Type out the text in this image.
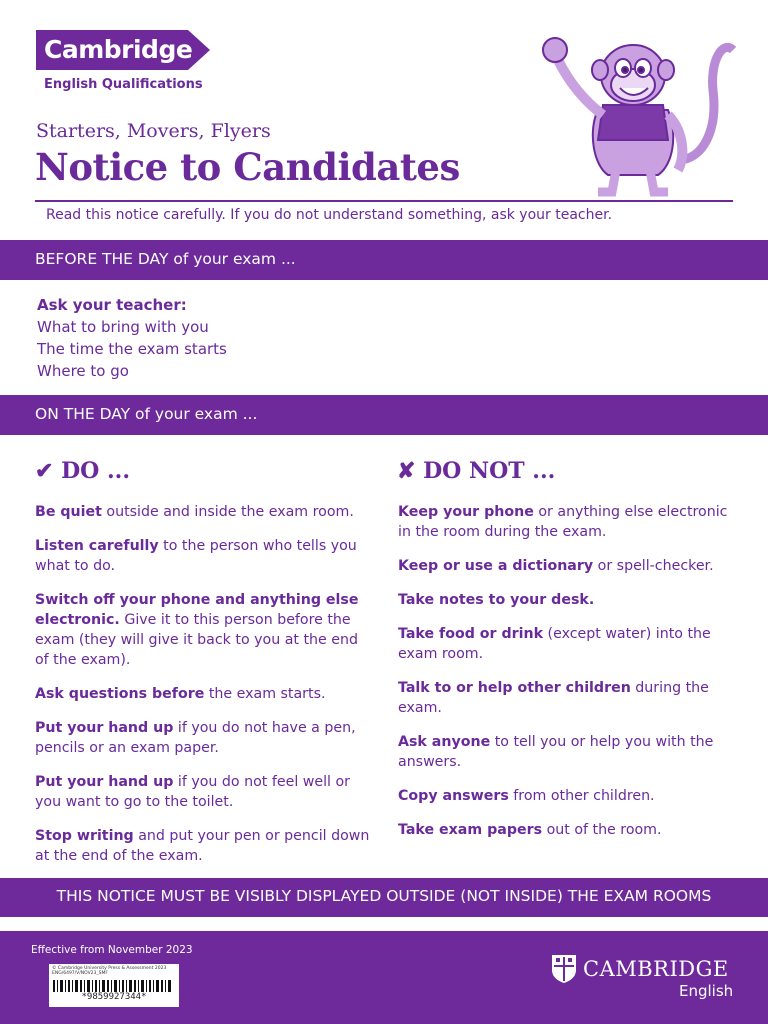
Cambridge
English Qualifications
Starters, Movers, Flyers
Notice to Candidates
Read this notice carefully. If you do not understand something, ask your teacher.
BEFORE THE DAY of your exam ...
Ask your teacher:
What to bring with you
The time the exam starts
Where to go
ON THE DAY of your exam ...
✔ DO ...
Be quiet outside and inside the exam room.
Listen carefully to the person who tells you what to do.
Switch off your phone and anything else electronic. Give it to this person before the exam (they will give it back to you at the end of the exam).
Ask questions before the exam starts.
Put your hand up if you do not have a pen, pencils or an exam paper.
Put your hand up if you do not feel well or you want to go to the toilet.
Stop writing and put your pen or pencil down at the end of the exam.
✘ DO NOT ...
Keep your phone or anything else electronic in the room during the exam.
Keep or use a dictionary or spell-checker.
Take notes to your desk.
Take food or drink (except water) into the exam room.
Talk to or help other children during the exam.
Ask anyone to tell you or help you with the answers.
Copy answers from other children.
Take exam papers out of the room.
THIS NOTICE MUST BE VISIBLY DISPLAYED OUTSIDE (NOT INSIDE) THE EXAM ROOMS
Effective from November 2023
© Cambridge University Press & Assessment 2023
ENG/6497/V/NOV23_SMF
*9859927344*
CAMBRIDGE
English
